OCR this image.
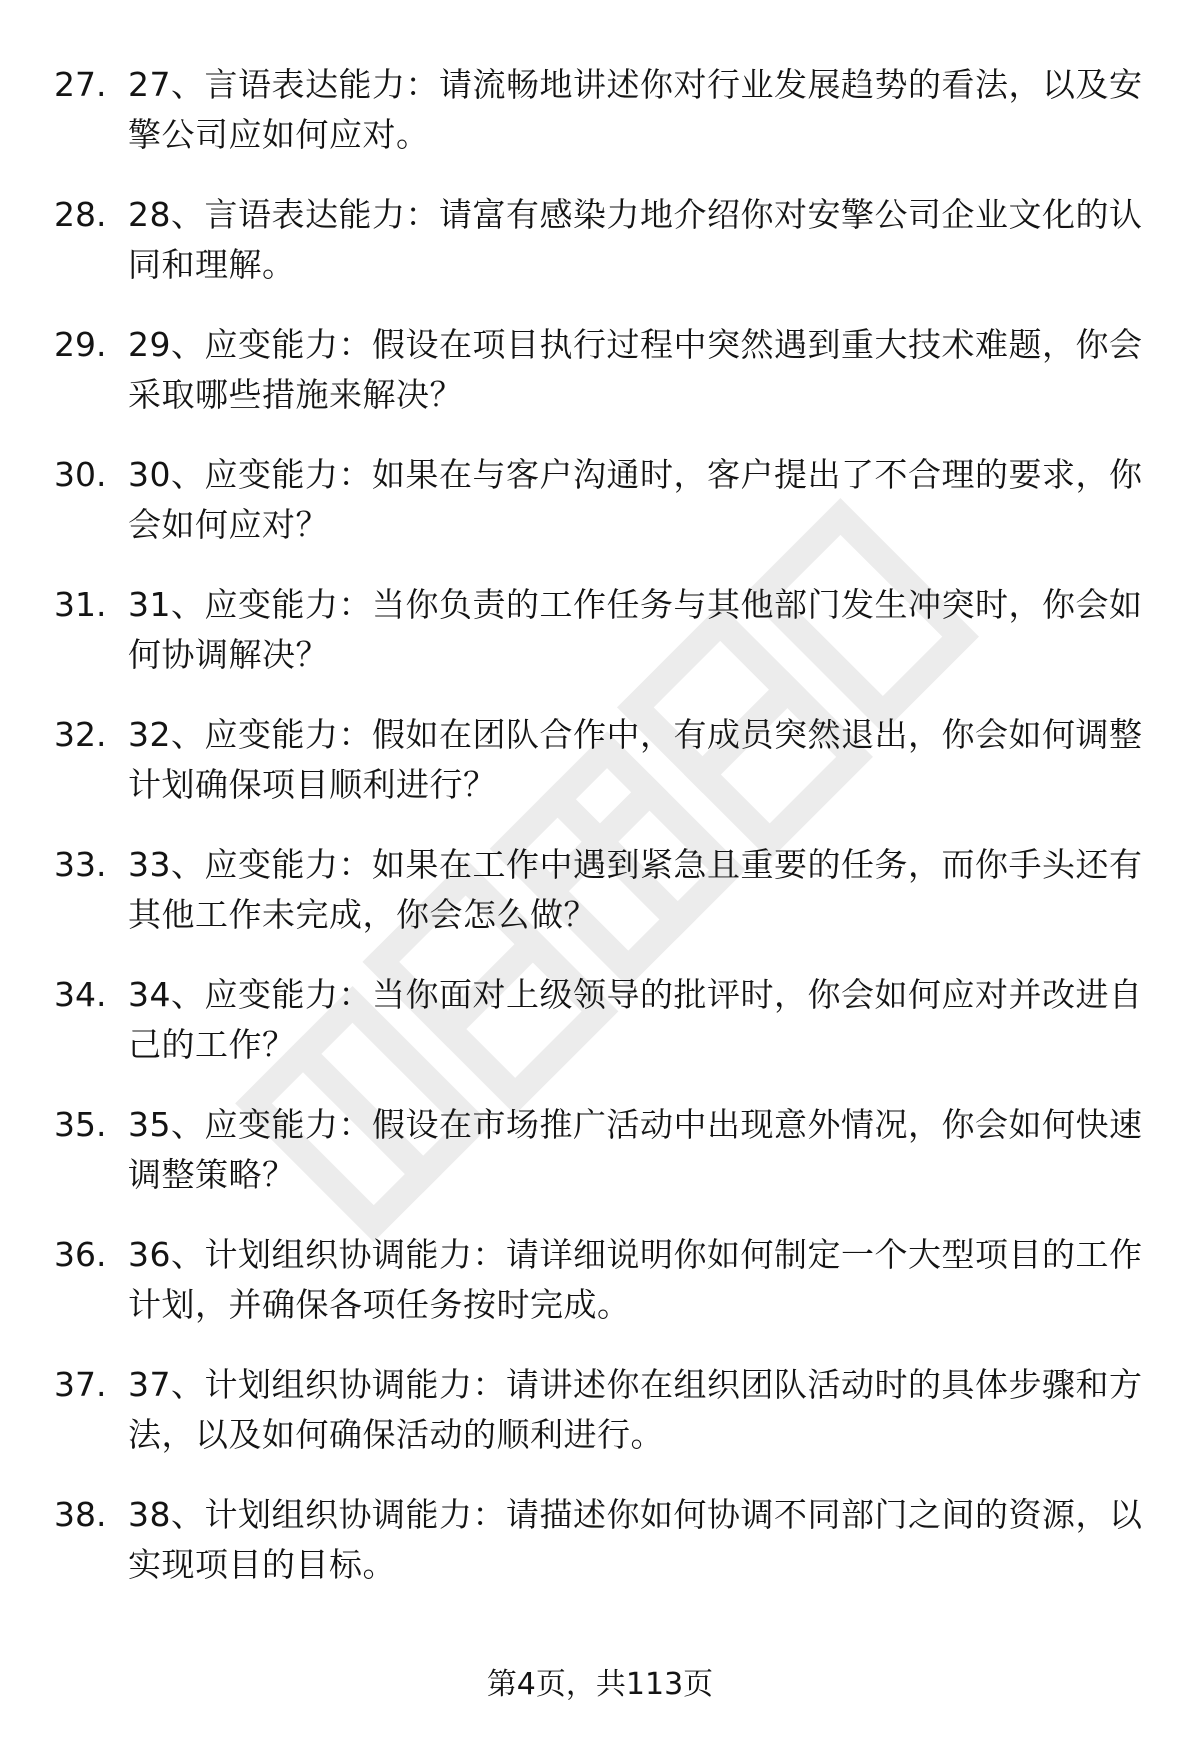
27. 27、言语表达能力：请流畅地讲述你对行业发展趋势的看法，以及安擎公司应如何应对。
28. 28、言语表达能力：请富有感染力地介绍你对安擎公司企业文化的认同和理解。
29. 29、应变能力：假设在项目执行过程中突然遇到重大技术难题，你会采取哪些措施来解决？
30. 30、应变能力：如果在与客户沟通时，客户提出了不合理的要求，你会如何应对？
31. 31、应变能力：当你负责的工作任务与其他部门发生冲突时，你会如何协调解决？
32. 32、应变能力：假如在团队合作中，有成员突然退出，你会如何调整计划确保项目顺利进行？
33. 33、应变能力：如果在工作中遇到紧急且重要的任务，而你手头还有其他工作未完成，你会怎么做？
34. 34、应变能力：当你面对上级领导的批评时，你会如何应对并改进自己的工作？
35. 35、应变能力：假设在市场推广活动中出现意外情况，你会如何快速调整策略？
36. 36、计划组织协调能力：请详细说明你如何制定一个大型项目的工作计划，并确保各项任务按时完成。
37. 37、计划组织协调能力：请讲述你在组织团队活动时的具体步骤和方法，以及如何确保活动的顺利进行。
38. 38、计划组织协调能力：请描述你如何协调不同部门之间的资源，以实现项目的目标。
第4页，共113页
